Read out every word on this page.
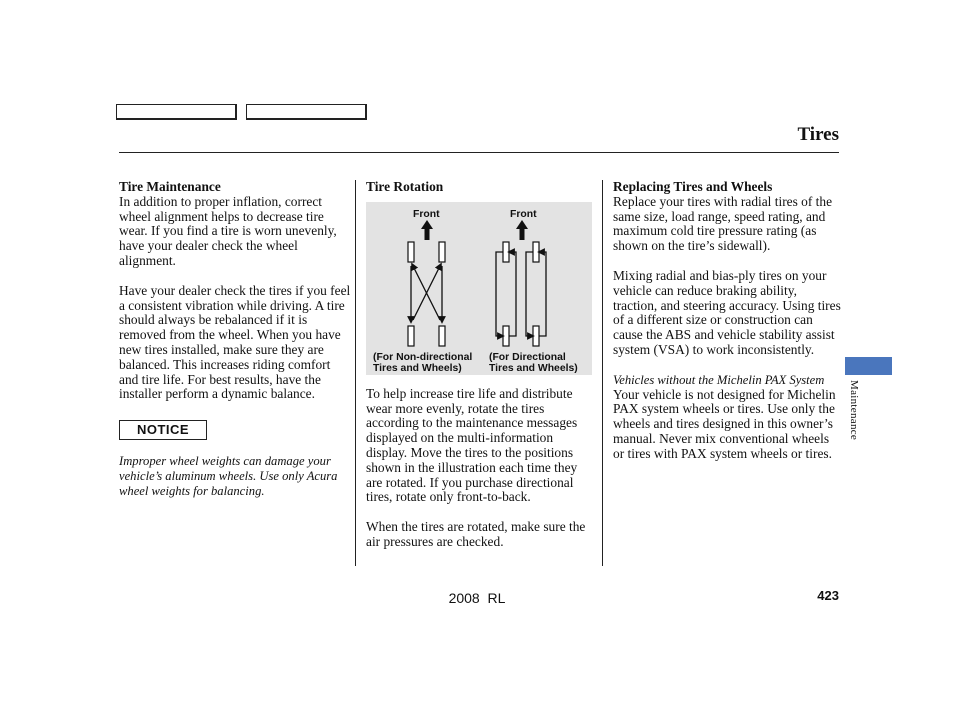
Tires

Tire Maintenance

In addition to proper inflation, correct wheel alignment helps to decrease tire wear. If you find a tire is worn unevenly, have your dealer check the wheel alignment.

Have your dealer check the tires if you feel a consistent vibration while driving. A tire should always be rebalanced if it is removed from the wheel. When you have new tires installed, make sure they are balanced. This increases riding comfort and tire life. For best results, have the installer perform a dynamic balance.

NOTICE

Improper wheel weights can damage your vehicle’s aluminum wheels. Use only Acura wheel weights for balancing.

Tire Rotation

Front	Front
(For Non-directional
Tires and Wheels)
(For Directional
Tires and Wheels)

To help increase tire life and distribute wear more evenly, rotate the tires according to the maintenance messages displayed on the multi-information display. Move the tires to the positions shown in the illustration each time they are rotated. If you purchase directional tires, rotate only front-to-back.

When the tires are rotated, make sure the air pressures are checked.

Replacing Tires and Wheels

Replace your tires with radial tires of the same size, load range, speed rating, and maximum cold tire pressure rating (as shown on the tire’s sidewall).

Mixing radial and bias-ply tires on your vehicle can reduce braking ability, traction, and steering accuracy. Using tires of a different size or construction can cause the ABS and vehicle stability assist system (VSA) to work inconsistently.

Vehicles without the Michelin PAX System

Your vehicle is not designed for Michelin PAX system wheels or tires. Use only the wheels and tires designed in this owner’s manual. Never mix conventional wheels or tires with PAX system wheels or tires.

Maintenance
2008  RL	423
